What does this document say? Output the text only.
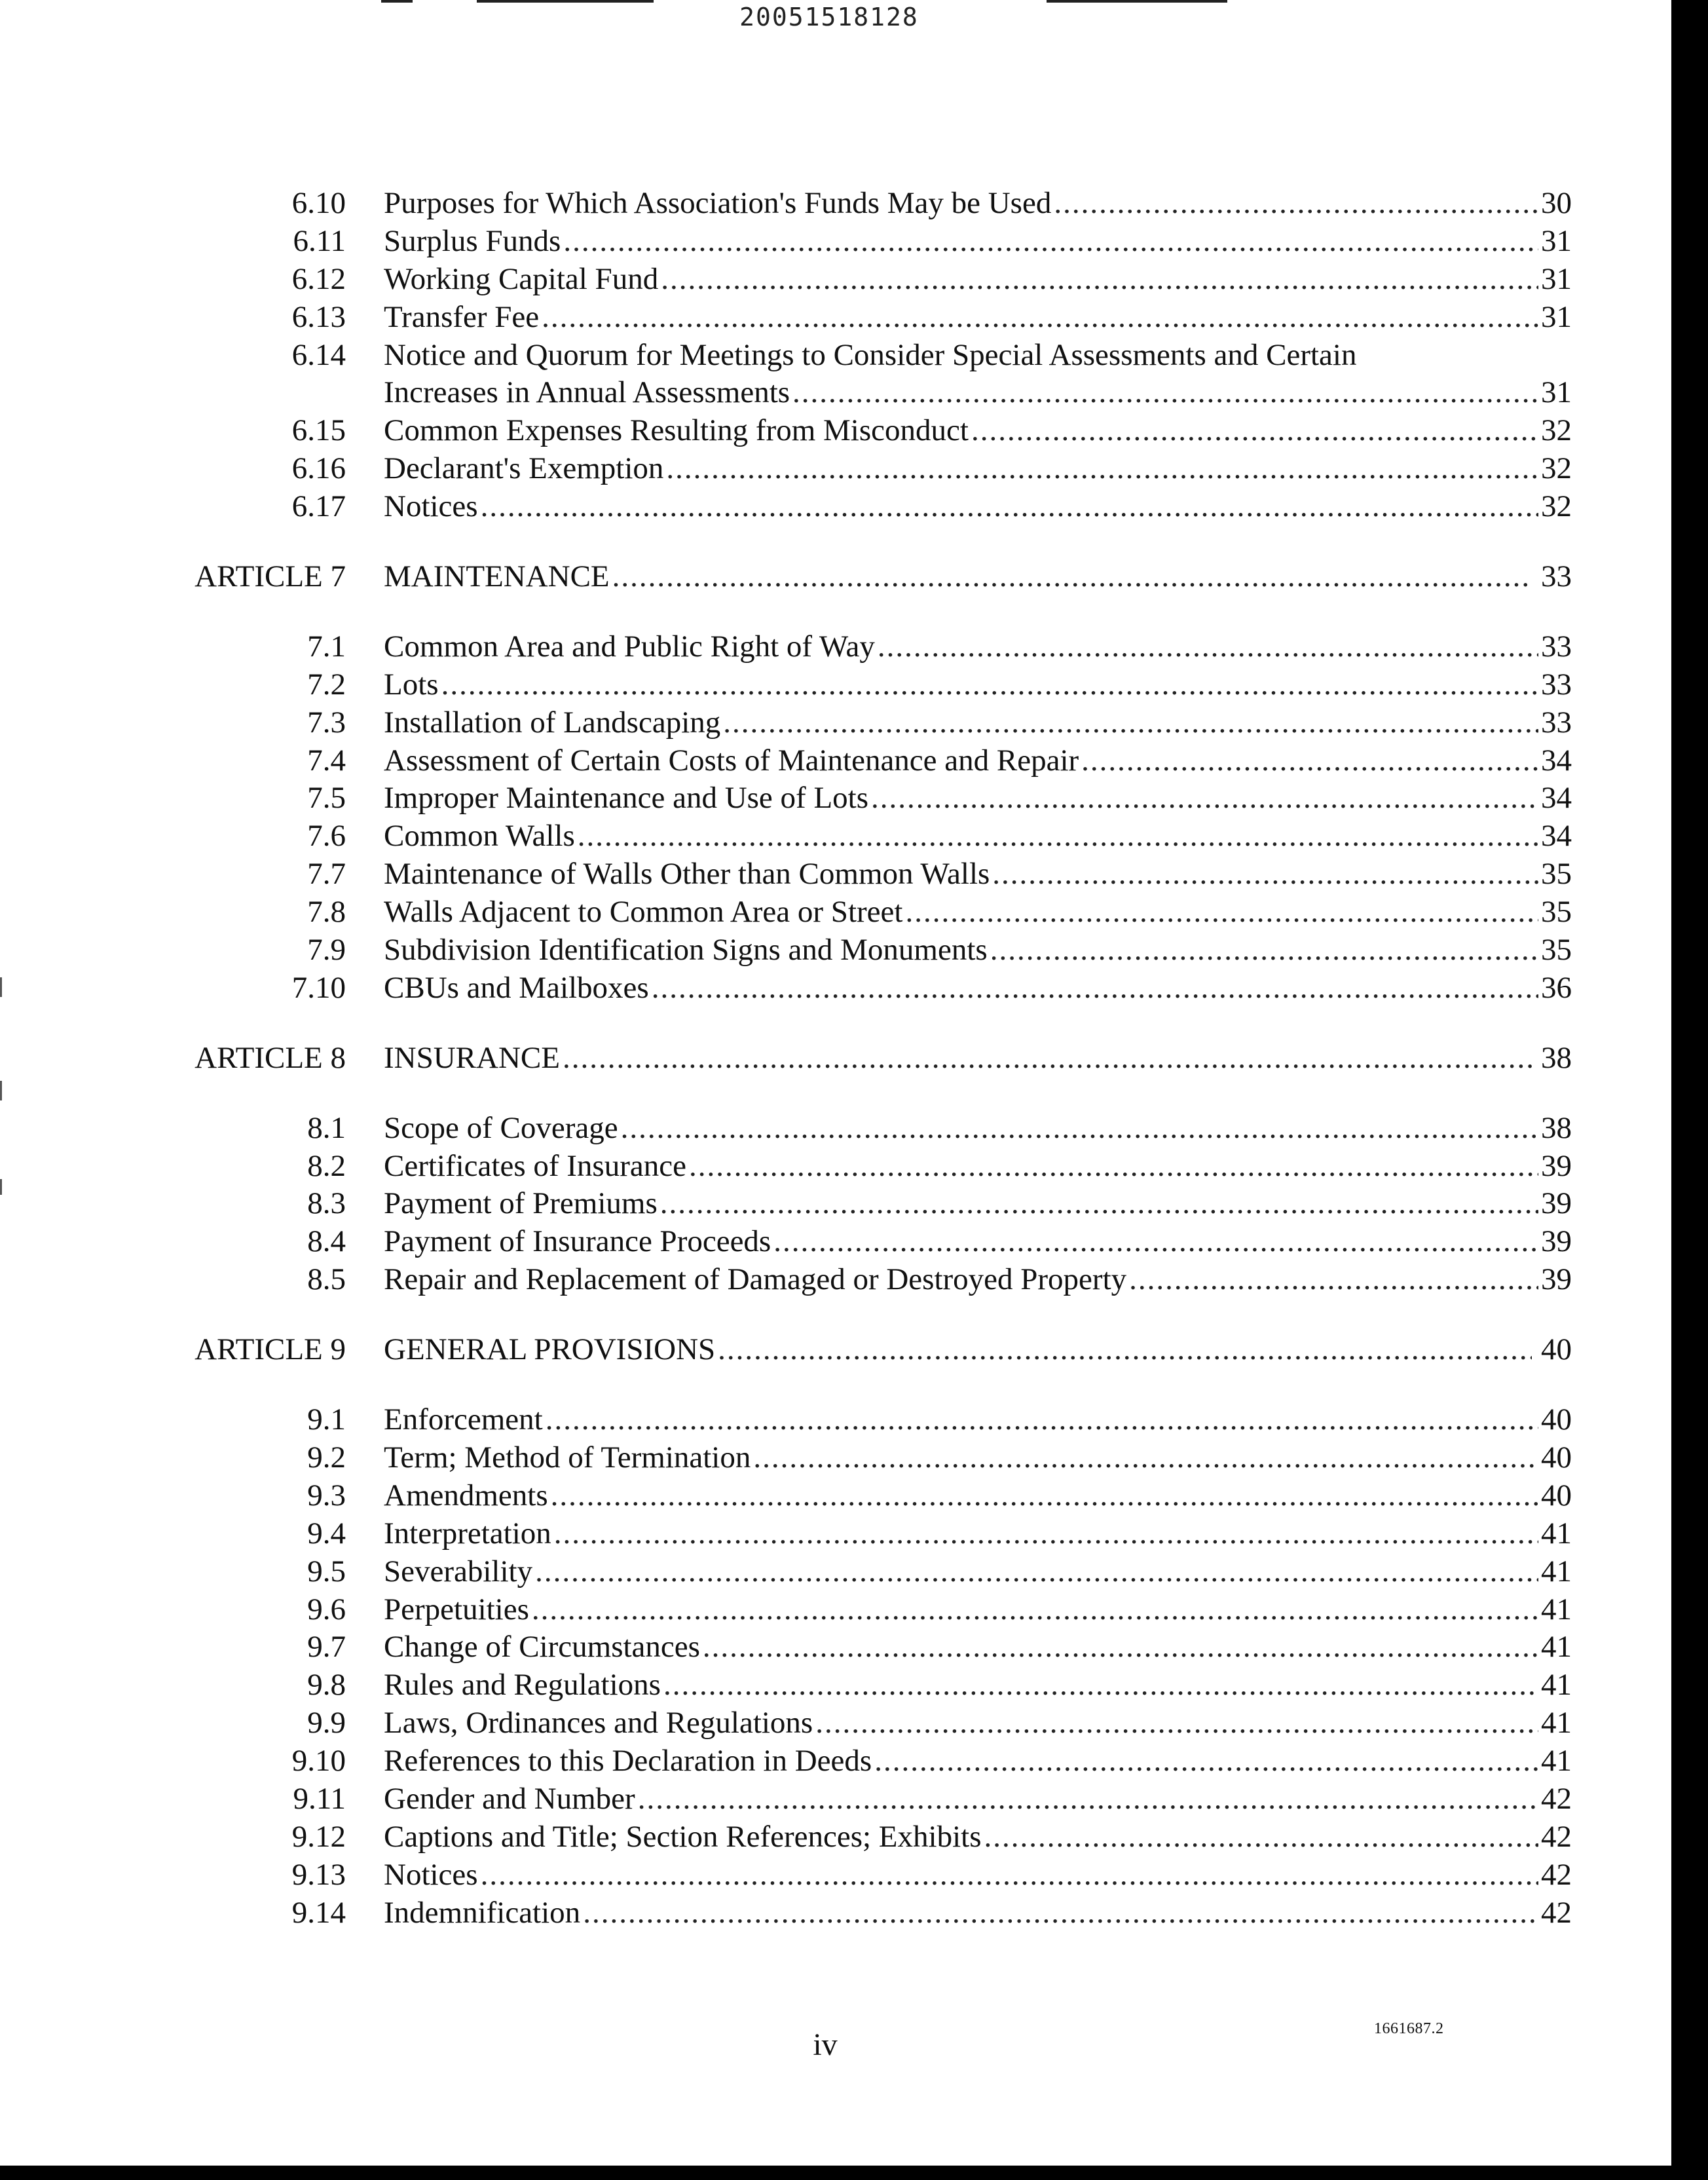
20051518128
6.10 Purposes for Which Association's Funds May be Used .....	30
6.11 Surplus Funds .....	31
6.12 Working Capital Fund .....	31
6.13 Transfer Fee .....	31
6.14 Notice and Quorum for Meetings to Consider Special Assessments and Certain
Increases in Annual Assessments .....	31
6.15 Common Expenses Resulting from Misconduct .....	32
6.16 Declarant's Exemption .....	32
6.17 Notices .....	32
ARTICLE 7 MAINTENANCE .....	33
7.1 Common Area and Public Right of Way .....	33
7.2 Lots .....	33
7.3 Installation of Landscaping .....	33
7.4 Assessment of Certain Costs of Maintenance and Repair .....	34
7.5 Improper Maintenance and Use of Lots .....	34
7.6 Common Walls .....	34
7.7 Maintenance of Walls Other than Common Walls .....	35
7.8 Walls Adjacent to Common Area or Street .....	35
7.9 Subdivision Identification Signs and Monuments .....	35
7.10 CBUs and Mailboxes .....	36
ARTICLE 8 INSURANCE .....	38
8.1 Scope of Coverage .....	38
8.2 Certificates of Insurance .....	39
8.3 Payment of Premiums .....	39
8.4 Payment of Insurance Proceeds .....	39
8.5 Repair and Replacement of Damaged or Destroyed Property .....	39
ARTICLE 9 GENERAL PROVISIONS .....	40
9.1 Enforcement .....	40
9.2 Term; Method of Termination .....	40
9.3 Amendments .....	40
9.4 Interpretation .....	41
9.5 Severability .....	41
9.6 Perpetuities .....	41
9.7 Change of Circumstances .....	41
9.8 Rules and Regulations .....	41
9.9 Laws, Ordinances and Regulations .....	41
9.10 References to this Declaration in Deeds .....	41
9.11 Gender and Number .....	42
9.12 Captions and Title; Section References; Exhibits .....	42
9.13 Notices .....	42
9.14 Indemnification .....	42
iv	1661687.2
